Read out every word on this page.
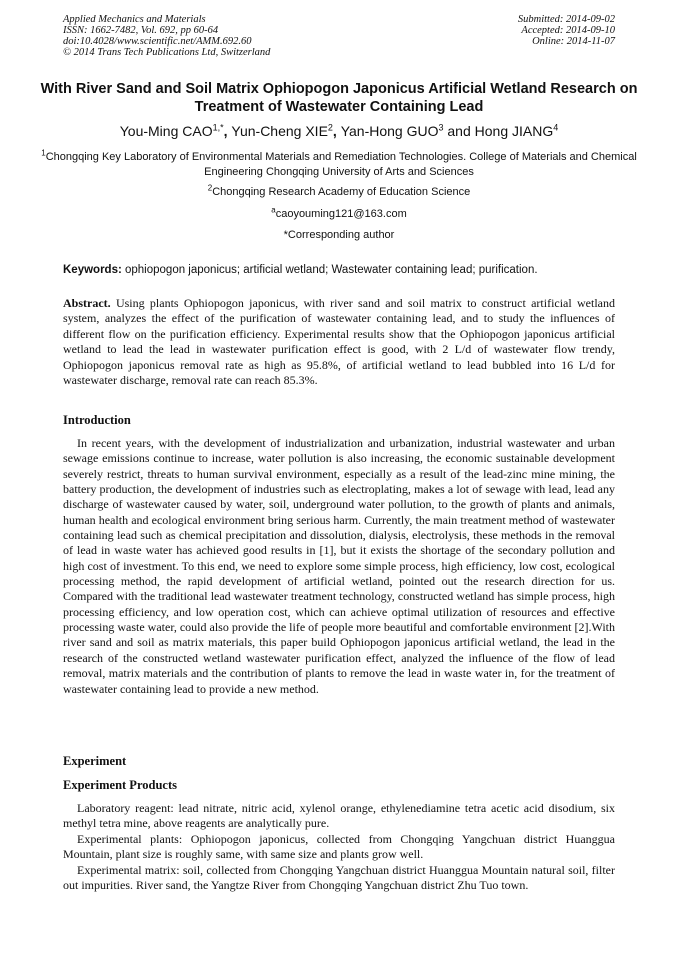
Applied Mechanics and Materials
ISSN: 1662-7482, Vol. 692, pp 60-64
doi:10.4028/www.scientific.net/AMM.692.60
© 2014 Trans Tech Publications Ltd, Switzerland
Submitted: 2014-09-02
Accepted: 2014-09-10
Online: 2014-11-07
With River Sand and Soil Matrix Ophiopogon Japonicus Artificial Wetland Research on Treatment of Wastewater Containing Lead
You-Ming $CAO^{1,*}$, Yun-Cheng XIE$^2$, Yan-Hong GUO$^3$ and Hong JIANG$^4$
$^1$Chongqing Key Laboratory of Environmental Materials and Remediation Technologies. College of Materials and Chemical Engineering Chongqing University of Arts and Sciences
$^2$Chongqing Research Academy of Education Science
$^a$caoyouming121@163.com
*Corresponding author
Keywords: ophiopogon japonicus; artificial wetland; Wastewater containing lead; purification.

Abstract. Using plants Ophiopogon japonicus, with river sand and soil matrix to construct artificial wetland system, analyzes the effect of the purification of wastewater containing lead, and to study the influences of different flow on the purification efficiency. Experimental results show that the Ophiopogon japonicus artificial wetland to lead the lead in wastewater purification effect is good, with 2 L/d of wastewater flow trendy, Ophiopogon japonicus removal rate as high as 95.8%, of artificial wetland to lead bubbled into 16 L/d for wastewater discharge, removal rate can reach 85.3%.

Introduction

In recent years, with the development of industrialization and urbanization, industrial wastewater and urban sewage emissions continue to increase, water pollution is also increasing, the economic sustainable development severely restrict, threats to human survival environment, especially as a result of the lead-zinc mine mining, the battery production, the development of industries such as electroplating, makes a lot of sewage with lead, lead any discharge of wastewater caused by water, soil, underground water pollution, to the growth of plants and animals, human health and ecological environment bring serious harm. Currently, the main treatment method of wastewater containing lead such as chemical precipitation and dissolution, dialysis, electrolysis, these methods in the removal of lead in waste water has achieved good results in [1], but it exists the shortage of the secondary pollution and high cost of investment. To this end, we need to explore some simple process, high efficiency, low cost, ecological processing method, the rapid development of artificial wetland, pointed out the research direction for us. Compared with the traditional lead wastewater treatment technology, constructed wetland has simple process, high processing efficiency, and low operation cost, which can achieve optimal utilization of resources and effective processing waste water, could also provide the life of people more beautiful and comfortable environment [2].With river sand and soil as matrix materials, this paper build Ophiopogon japonicus artificial wetland, the lead in the research of the constructed wetland wastewater purification effect, analyzed the influence of the flow of lead removal, matrix materials and the contribution of plants to remove the lead in waste water in, for the treatment of wastewater containing lead to provide a new method.

Experiment
Experiment Products

Laboratory reagent: lead nitrate, nitric acid, xylenol orange, ethylenediamine tetra acetic acid disodium, six methyl tetra mine, above reagents are analytically pure.

Experimental plants: Ophiopogon japonicus, collected from Chongqing Yangchuan district Huanggua Mountain, plant size is roughly same, with same size and plants grow well.

Experimental matrix: soil, collected from Chongqing Yangchuan district Huanggua Mountain natural soil, filter out impurities. River sand, the Yangtze River from Chongqing Yangchuan district Zhu Tuo town.
